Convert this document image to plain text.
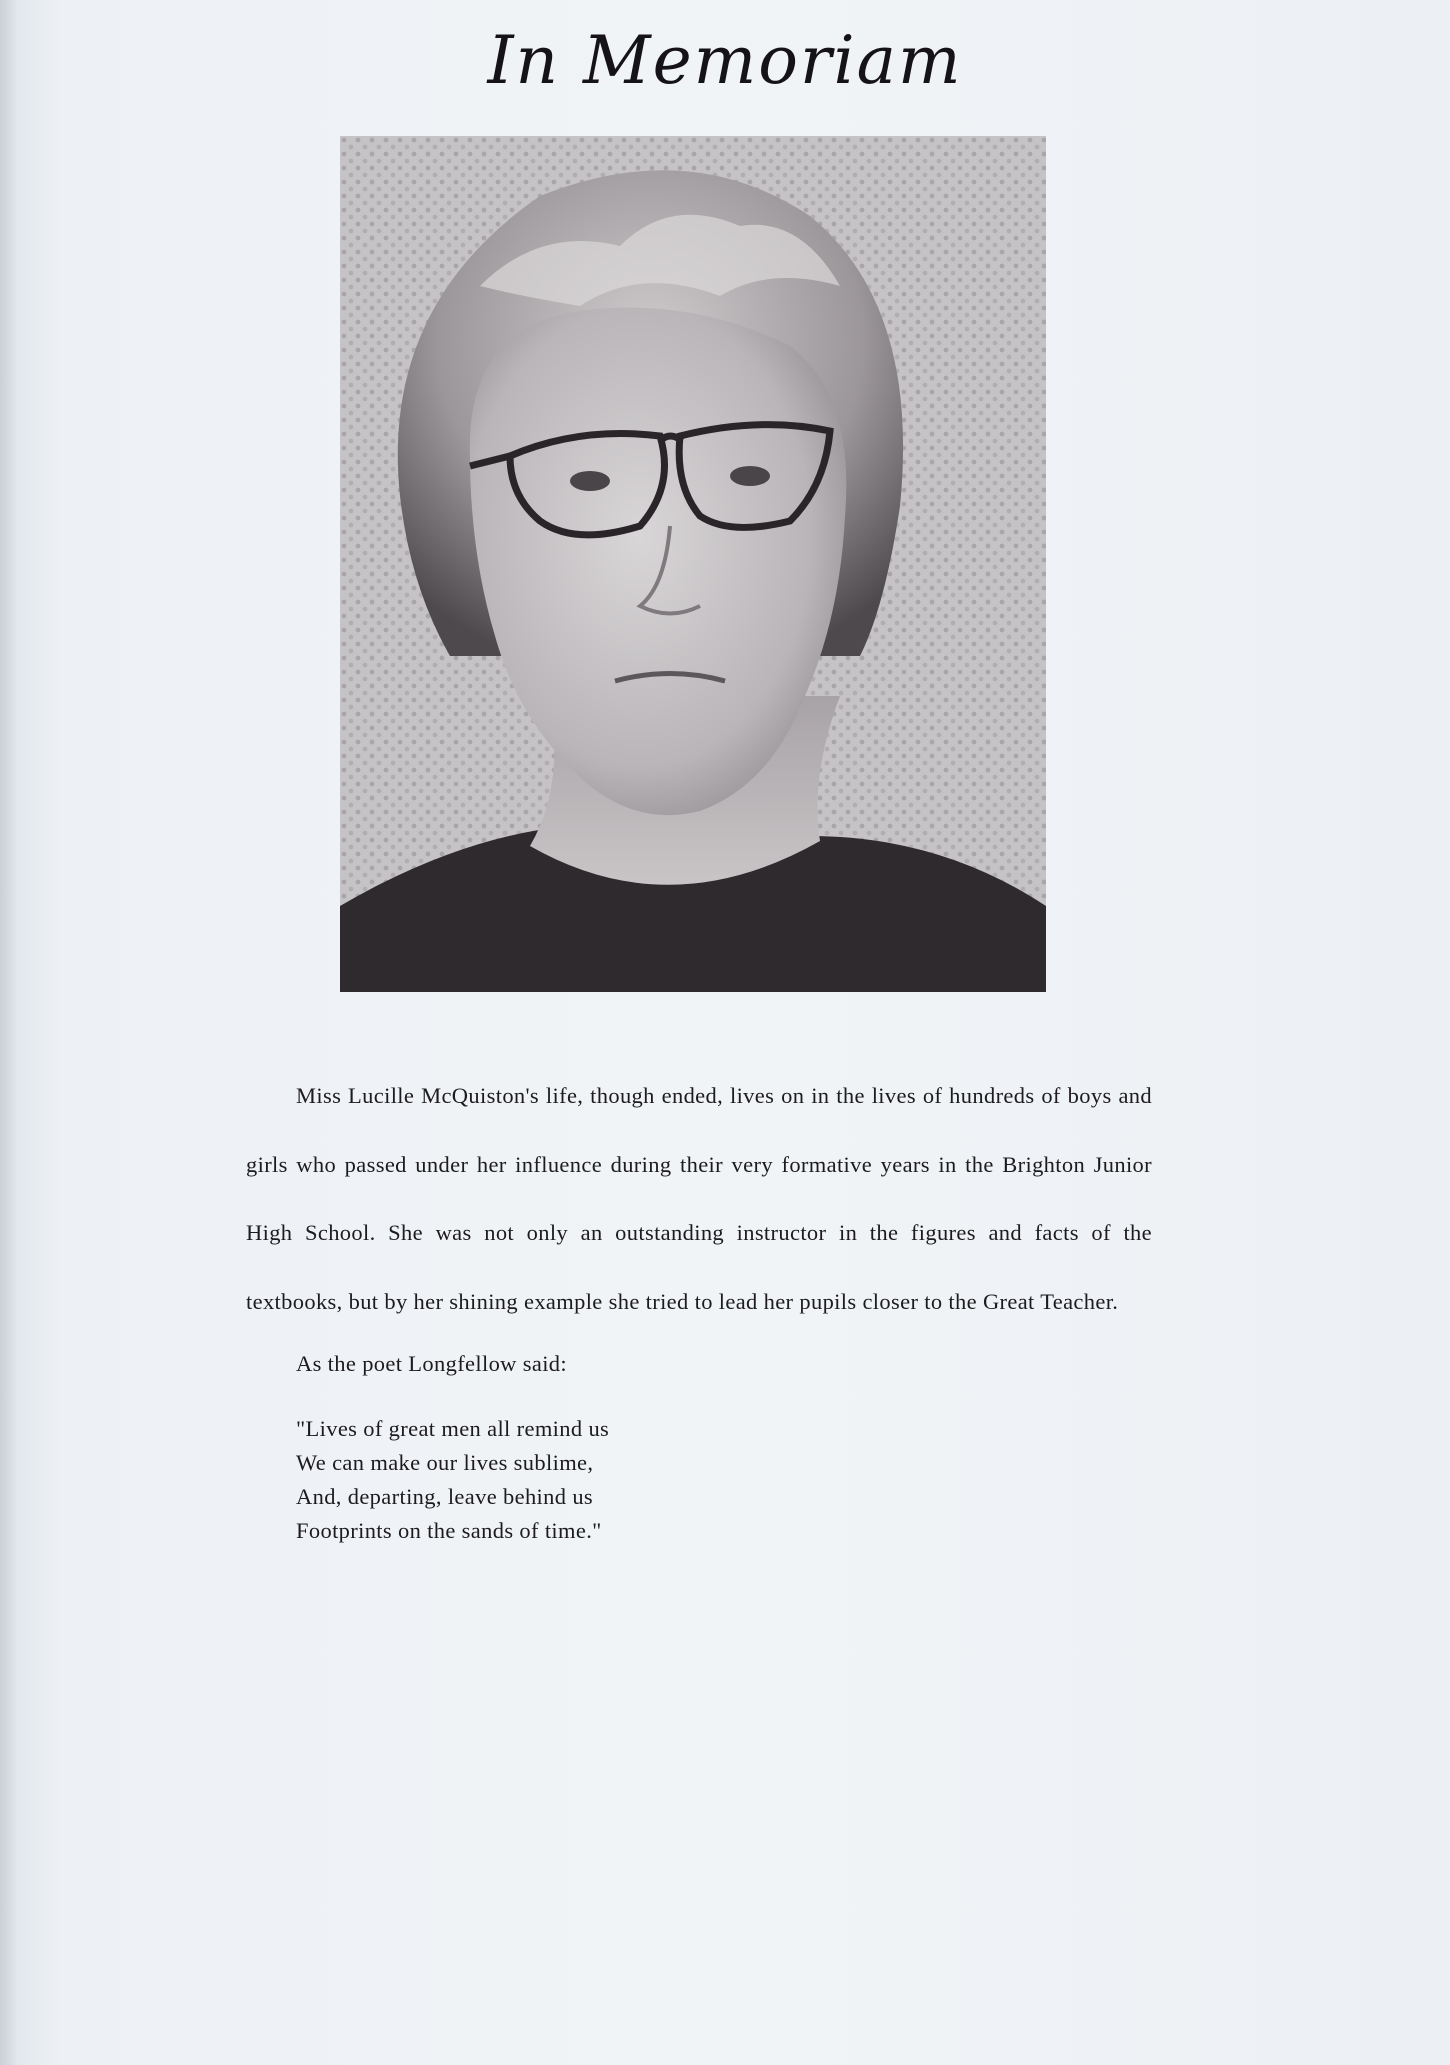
In Memoriam

Miss Lucille McQuiston's life, though ended, lives on in the lives of hundreds of boys and girls who passed under her influence during their very formative years in the Brighton Junior High School. She was not only an outstanding instructor in the figures and facts of the textbooks, but by her shining example she tried to lead her pupils closer to the Great Teacher.

As the poet Longfellow said:

"Lives of great men all remind us
We can make our lives sublime,
And, departing, leave behind us
Footprints on the sands of time."
